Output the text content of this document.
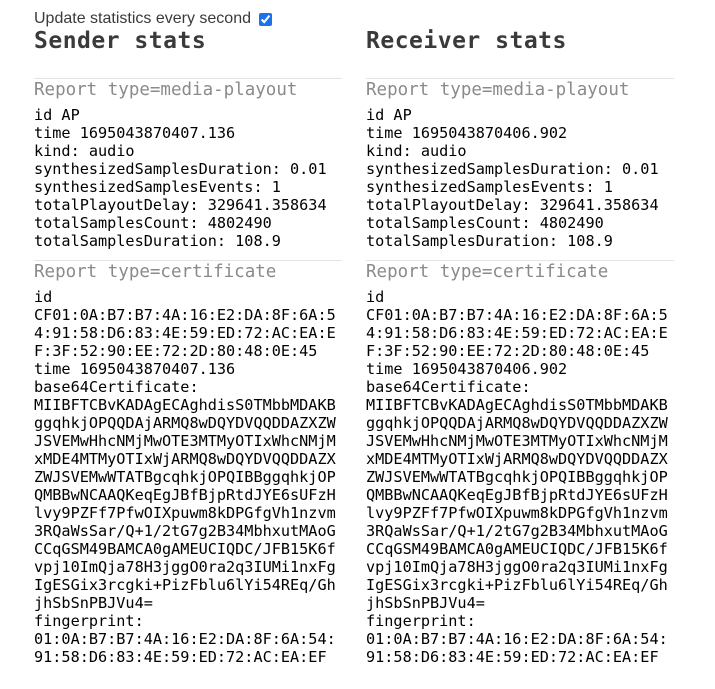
Update statistics every second
Sender stats
Report type=media-playout
id AP
time 1695043870407.136
kind: audio
synthesizedSamplesDuration: 0.01
synthesizedSamplesEvents: 1
totalPlayoutDelay: 329641.358634
totalSamplesCount: 4802490
totalSamplesDuration: 108.9
Report type=certificate
id
CF01:0A:B7:B7:4A:16:E2:DA:8F:6A:54:91:58:D6:83:4E:59:ED:72:AC:EA:EF:3F:52:90:EE:72:2D:80:48:0E:45
time 1695043870407.136
base64Certificate:
MIIBFTCBvKADAgECAghdisS0TMbbMDAKBggqhkjOPQQDAjARMQ8wDQYDVQQDDAZXZWJSVEMwHhcNMjMwOTE3MTMyOTIxWhcNMjMxMDE4MTMyOTIxWjARMQ8wDQYDVQQDDAZXZWJSVEMwWTATBgcqhkjOPQIBBggqhkjOPQMBBwNCAAQKeqEgJBfBjpRtdJYE6sUFzHlvy9PZFf7PfwOIXpuwm8kDPGfgVh1nzvm3RQaWsSar/Q+1/2tG7g2B34MbhxutMAoGCCqGSM49BAMCA0gAMEUCIQDC/JFB15K6fvpj10ImQja78H3jggO0ra2q3IUMi1nxFgIgESGix3rcgki+PizFblu6lYi54REq/GhjhSbSnPBJVu4=
fingerprint:
01:0A:B7:B7:4A:16:E2:DA:8F:6A:54:91:58:D6:83:4E:59:ED:72:AC:EA:EF
Receiver stats
Report type=media-playout
id AP
time 1695043870406.902
kind: audio
synthesizedSamplesDuration: 0.01
synthesizedSamplesEvents: 1
totalPlayoutDelay: 329641.358634
totalSamplesCount: 4802490
totalSamplesDuration: 108.9
Report type=certificate
id
CF01:0A:B7:B7:4A:16:E2:DA:8F:6A:54:91:58:D6:83:4E:59:ED:72:AC:EA:EF:3F:52:90:EE:72:2D:80:48:0E:45
time 1695043870406.902
base64Certificate:
MIIBFTCBvKADAgECAghdisS0TMbbMDAKBggqhkjOPQQDAjARMQ8wDQYDVQQDDAZXZWJSVEMwHhcNMjMwOTE3MTMyOTIxWhcNMjMxMDE4MTMyOTIxWjARMQ8wDQYDVQQDDAZXZWJSVEMwWTATBgcqhkjOPQIBBggqhkjOPQMBBwNCAAQKeqEgJBfBjpRtdJYE6sUFzHlvy9PZFf7PfwOIXpuwm8kDPGfgVh1nzvm3RQaWsSar/Q+1/2tG7g2B34MbhxutMAoGCCqGSM49BAMCA0gAMEUCIQDC/JFB15K6fvpj10ImQja78H3jggO0ra2q3IUMi1nxFgIgESGix3rcgki+PizFblu6lYi54REq/GhjhSbSnPBJVu4=
fingerprint:
01:0A:B7:B7:4A:16:E2:DA:8F:6A:54:91:58:D6:83:4E:59:ED:72:AC:EA:EF
